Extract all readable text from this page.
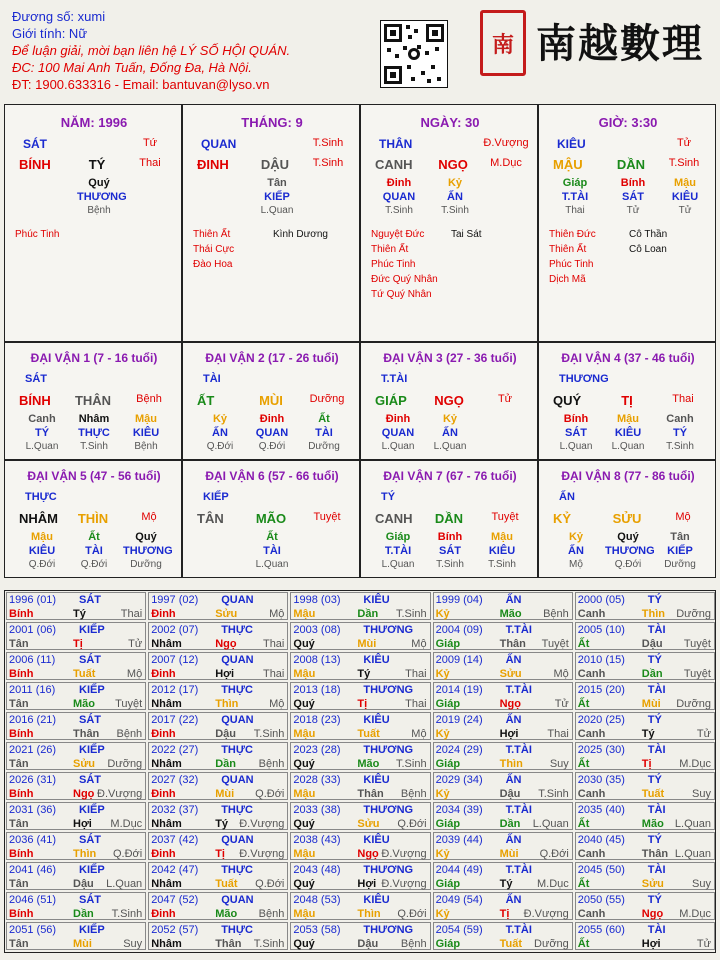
Đương số: xumi
Giới tính: Nữ
Để luận giải, mời bạn liên hệ LÝ SỐ HỘI QUÁN.
ĐC: 100 Mai Anh Tuấn, Đống Đa, Hà Nội.
ĐT: 1900.633316 - Email: bantuvan@lyso.vn
南 南越數理
NĂM: 1996
SÁT	Tứ
BÍNH	TÝ	Thai
Quý
THƯƠNG
Bệnh
Phúc Tinh
THÁNG: 9
QUAN	T.Sinh
ĐINH	DẬU	T.Sinh
Tân
KIẾP
L.Quan
Thiên Ất
Thái Cực
Đào Hoa
Kình Dương
NGÀY: 30
THÂN	Đ.Vượng
CANH	NGỌ	M.Dục
Đinh
QUAN
T.Sinh
Kỷ
ẤN
T.Sinh
Nguyệt Đức
Thiên Ất
Phúc Tinh
Đức Quý Nhân
Tứ Quý Nhân
Tai Sát
GIỜ: 3:30
KIÊU	Tử
MẬU	DẦN	T.Sinh
Giáp
T.TÀI
Thai
Bính
SÁT
Tử
Mậu
KIÊU
Tử
Thiên Đức
Thiên Ất
Phúc Tinh
Dịch Mã
Cô Thần
Cô Loan
ĐẠI VẬN 1 (7 - 16 tuổi)
SÁT
BÍNH	THÂN	Bệnh
Canh
TÝ
L.Quan
Nhâm
THỰC
T.Sinh
Mậu
KIÊU
Bệnh
ĐẠI VẬN 2 (17 - 26 tuổi)
TÀI
ẤT	MÙI	Dưỡng
Kỷ
ẤN
Q.Đới
Đinh
QUAN
Q.Đới
Ất
TÀI
Dưỡng
ĐẠI VẬN 3 (27 - 36 tuổi)
T.TÀI
GIÁP	NGỌ	Tử
Đinh
QUAN
L.Quan
Kỷ
ẤN
L.Quan
ĐẠI VẬN 4 (37 - 46 tuổi)
THƯƠNG
QUÝ	TỊ	Thai
Bính
SÁT
L.Quan
Mậu
KIÊU
L.Quan
Canh
TÝ
T.Sinh
ĐẠI VẬN 5 (47 - 56 tuổi)
THỰC
NHÂM	THÌN	Mộ
Mậu
KIÊU
Q.Đới
Ất
TÀI
Q.Đới
Quý
THƯƠNG
Dưỡng
ĐẠI VẬN 6 (57 - 66 tuổi)
KIẾP
TÂN	MÃO	Tuyệt
Ất
TÀI
L.Quan
ĐẠI VẬN 7 (67 - 76 tuổi)
TÝ
CANH	DẦN	Tuyệt
Giáp
T.TÀI
L.Quan
Bính
SÁT
T.Sinh
Mậu
KIÊU
T.Sinh
ĐẠI VẬN 8 (77 - 86 tuổi)
ẤN
KỶ	SỬU	Mộ
Kỷ
ẤN
Mộ
Quý
THƯƠNG
Q.Đới
Tân
KIẾP
Dưỡng
1996 (01) SÁT
Bính	Tý	Thai
1997 (02) QUAN
Đinh	Sửu	Mộ
1998 (03) KIÊU
Mậu	Dần T.Sinh
1999 (04) ẤN
Kỷ	Mão Bệnh
2000 (05) TÝ
Canh	Thìn Dưỡng
2001 (06) KIẾP
Tân	Tị	Tử
2002 (07) THỰC
Nhâm	Ngọ Thai
2003 (08) THƯƠNG
Quý	Mùi	Mộ
2004 (09) T.TÀI
Giáp	Thân Tuyệt
2005 (10) TÀI
Ất	Dậu Tuyệt
2006 (11) SÁT
Bính	Tuất	Mộ
2007 (12) QUAN
Đinh	Hợi	Thai
2008 (13) KIÊU
Mậu	Tý	Thai
2009 (14) ẤN
Kỷ	Sửu	Mộ
2010 (15) TÝ
Canh	Dần Tuyệt
2011 (16) KIẾP
Tân	Mão Tuyệt
2012 (17) THỰC
Nhâm	Thìn	Mộ
2013 (18) THƯƠNG
Quý	Tị	Thai
2014 (19) T.TÀI
Giáp	Ngọ	Tử
2015 (20) TÀI
Ất	Mùi Dưỡng
2016 (21) SÁT
Bính	Thân Bệnh
2017 (22) QUAN
Đinh	Dậu T.Sinh
2018 (23) KIÊU
Mậu	Tuất	Mộ
2019 (24) ẤN
Kỷ	Hợi	Thai
2020 (25) TÝ
Canh	Tý	Tử
2021 (26) KIẾP
Tân	Sửu Dưỡng
2022 (27) THỰC
Nhâm	Dần Bệnh
2023 (28) THƯƠNG
Quý	Mão T.Sinh
2024 (29) T.TÀI
Giáp	Thìn Suy
2025 (30) TÀI
Ất	Tị	M.Dục
2026 (31) SÁT
Bính	Ngọ Đ.Vượng
2027 (32) QUAN
Đinh	Mùi Q.Đới
2028 (33) KIÊU
Mậu	Thân Bệnh
2029 (34) ẤN
Kỷ	Dậu T.Sinh
2030 (35) TÝ
Canh	Tuất	Suy
2031 (36) KIẾP
Tân	Hợi M.Dục
2032 (37) THỰC
Nhâm	Tý Đ.Vượng
2033 (38) THƯƠNG
Quý	Sửu Q.Đới
2034 (39) T.TÀI
Giáp	Dần L.Quan
2035 (40) TÀI
Ất	Mão L.Quan
2036 (41) SÁT
Bính	Thìn Q.Đới
2037 (42) QUAN
Đinh	Tị Đ.Vượng
2038 (43) KIÊU
Mậu	Ngọ Đ.Vượng
2039 (44) ẤN
Kỷ	Mùi Q.Đới
2040 (45) TÝ
Canh	Thân L.Quan
2041 (46) KIẾP
Tân	Dậu L.Quan
2042 (47) THỰC
Nhâm	Tuất Q.Đới
2043 (48) THƯƠNG
Quý	Hợi Đ.Vượng
2044 (49) T.TÀI
Giáp	Tý M.Dục
2045 (50) TÀI
Ất	Sửu	Suy
2046 (51) SÁT
Bính	Dần T.Sinh
2047 (52) QUAN
Đinh	Mão Bệnh
2048 (53) KIÊU
Mậu	Thìn Q.Đới
2049 (54) ẤN
Kỷ	Tị Đ.Vượng
2050 (55) TÝ
Canh	Ngọ M.Dục
2051 (56) KIẾP
Tân	Mùi	Suy
2052 (57) THỰC
Nhâm	Thân T.Sinh
2053 (58) THƯƠNG
Quý	Dậu Bệnh
2054 (59) T.TÀI
Giáp	Tuất Dưỡng
2055 (60) TÀI
Ất	Hợi	Tử
